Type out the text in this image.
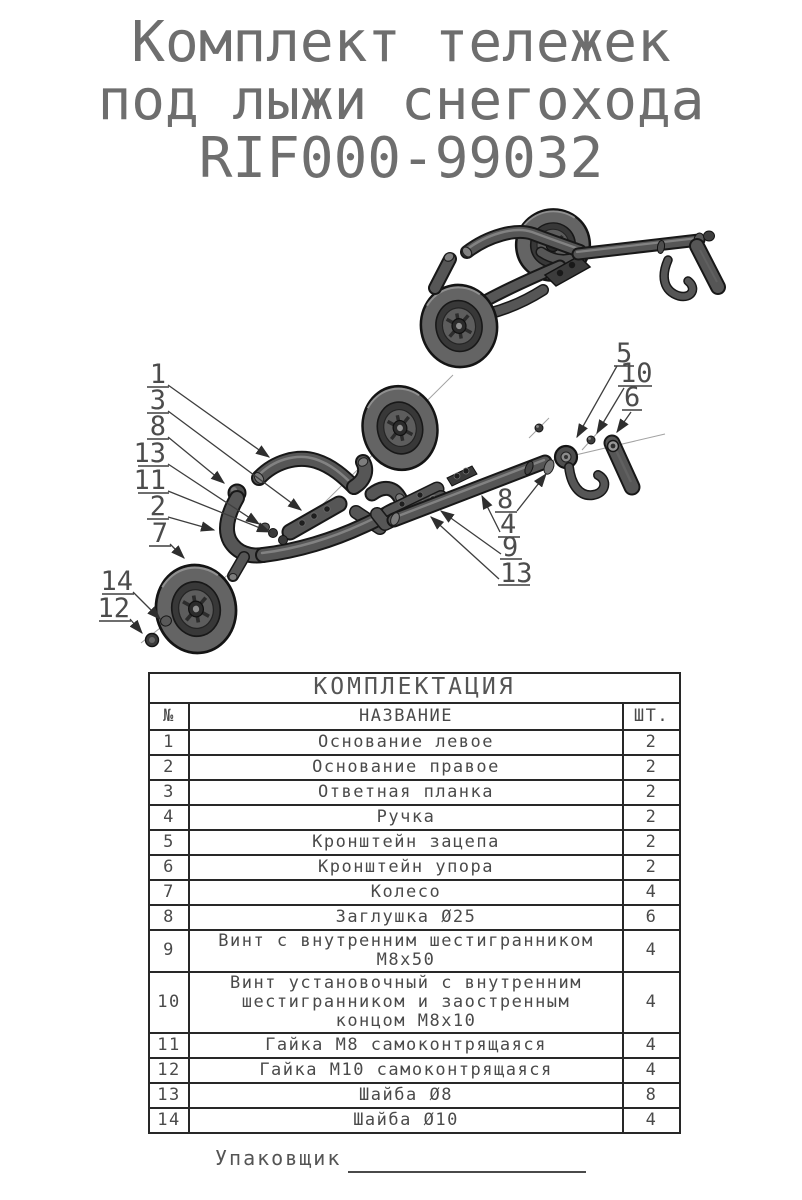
Комплект тележек
под лыжи снегохода
RIF000-99032
1
3
8
13
11
2
7
14
12
5
10
6
8
4
9
13
КОМПЛЕКТАЦИЯ		
№	НАЗВАНИЕ	ШТ.
1	Основание левое	2
2	Основание правое	2
3	Ответная планка	2
4	Ручка	2
5	Кронштейн зацепа	2
6	Кронштейн упора	2
7	Колесо	4
8	Заглушка Ø25	6
9	Винт с внутренним шестигранником М8х50	4
10	Винт установочный с внутренним шестигранником и заостренным концом М8х10	4
11	Гайка М8 самоконтрящаяся	4
12	Гайка М10 самоконтрящаяся	4
13	Шайба Ø8	8
14	Шайба Ø10	4
Упаковщик
